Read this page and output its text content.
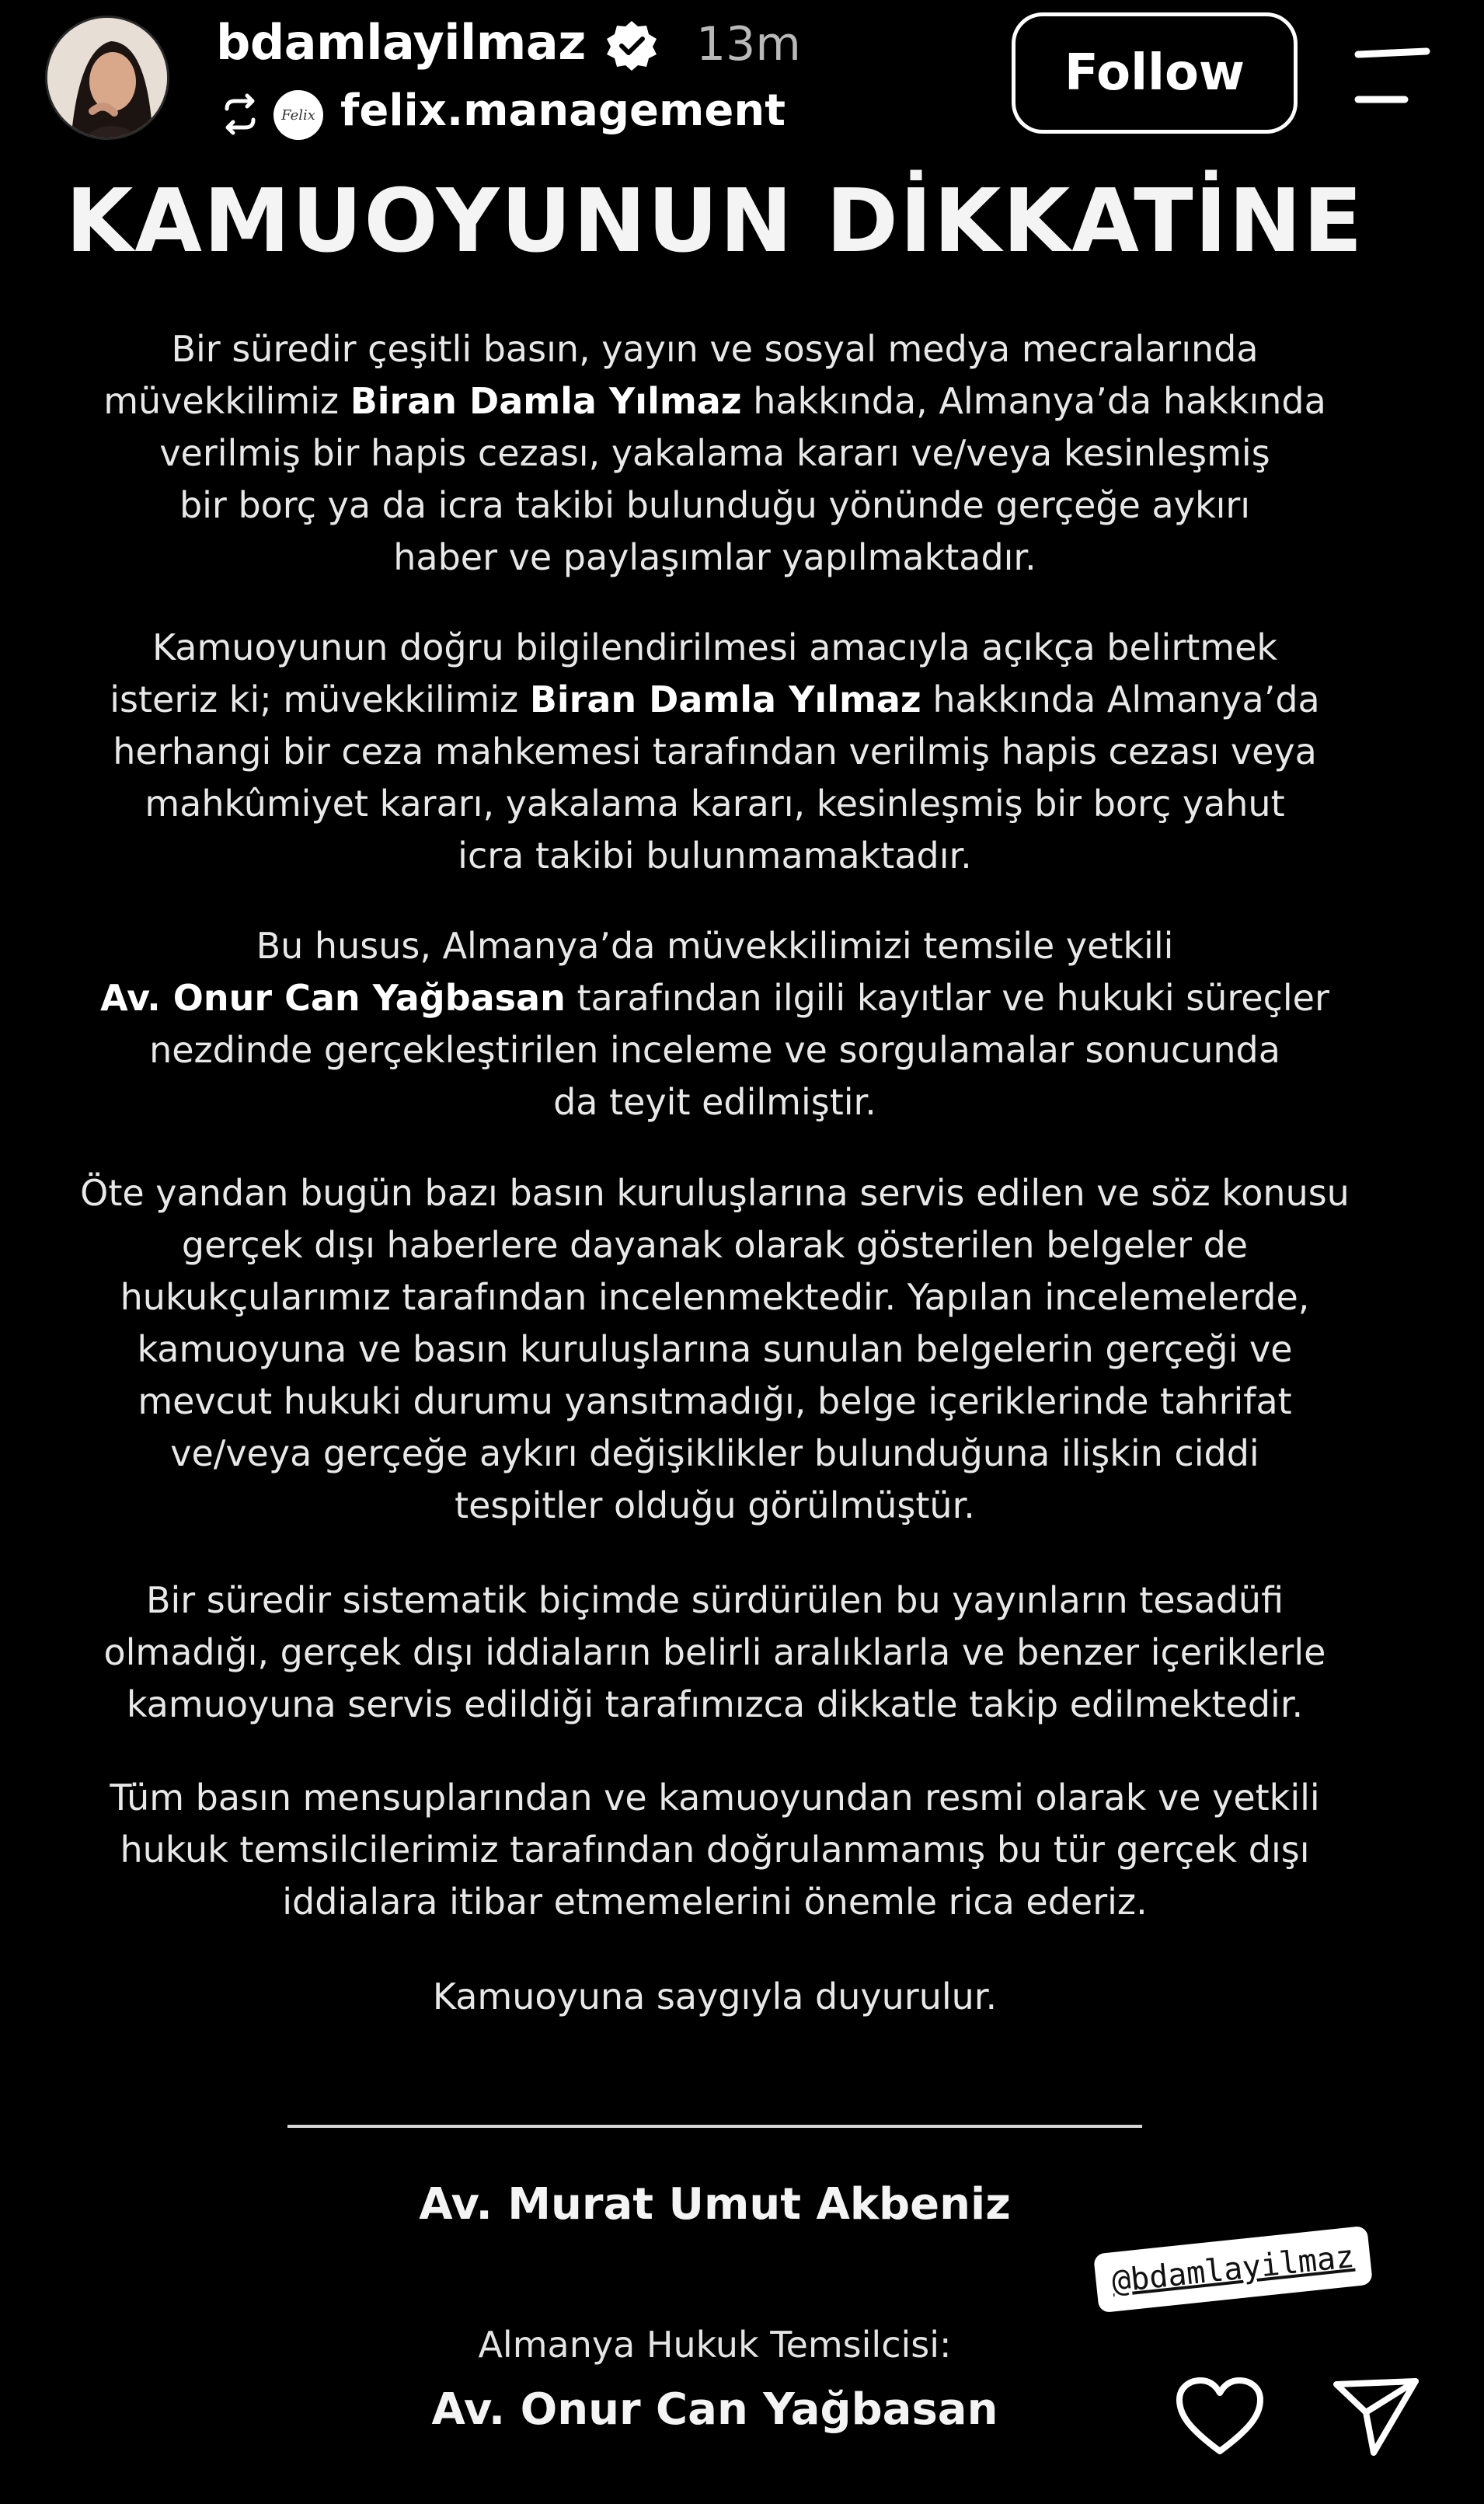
bdamlayilmaz 13m
Felix felix.management
Follow
KAMUOYUNUN DİKKATİNE
Bir süredir çeşitli basın, yayın ve sosyal medya mecralarında
müvekkilimiz Biran Damla Yılmaz hakkında, Almanya’da hakkında
verilmiş bir hapis cezası, yakalama kararı ve/veya kesinleşmiş
bir borç ya da icra takibi bulunduğu yönünde gerçeğe aykırı
haber ve paylaşımlar yapılmaktadır.
Kamuoyunun doğru bilgilendirilmesi amacıyla açıkça belirtmek
isteriz ki; müvekkilimiz Biran Damla Yılmaz hakkında Almanya’da
herhangi bir ceza mahkemesi tarafından verilmiş hapis cezası veya
mahkûmiyet kararı, yakalama kararı, kesinleşmiş bir borç yahut
icra takibi bulunmamaktadır.
Bu husus, Almanya’da müvekkilimizi temsile yetkili
Av. Onur Can Yağbasan tarafından ilgili kayıtlar ve hukuki süreçler
nezdinde gerçekleştirilen inceleme ve sorgulamalar sonucunda
da teyit edilmiştir.
Öte yandan bugün bazı basın kuruluşlarına servis edilen ve söz konusu
gerçek dışı haberlere dayanak olarak gösterilen belgeler de
hukukçularımız tarafından incelenmektedir. Yapılan incelemelerde,
kamuoyuna ve basın kuruluşlarına sunulan belgelerin gerçeği ve
mevcut hukuki durumu yansıtmadığı, belge içeriklerinde tahrifat
ve/veya gerçeğe aykırı değişiklikler bulunduğuna ilişkin ciddi
tespitler olduğu görülmüştür.
Bir süredir sistematik biçimde sürdürülen bu yayınların tesadüfi
olmadığı, gerçek dışı iddiaların belirli aralıklarla ve benzer içeriklerle
kamuoyuna servis edildiği tarafımızca dikkatle takip edilmektedir.
Tüm basın mensuplarından ve kamuoyundan resmi olarak ve yetkili
hukuk temsilcilerimiz tarafından doğrulanmamış bu tür gerçek dışı
iddialara itibar etmemelerini önemle rica ederiz.
Kamuoyuna saygıyla duyurulur.
Av. Murat Umut Akbeniz
Almanya Hukuk Temsilcisi:
Av. Onur Can Yağbasan
@bdamlayilmaz
